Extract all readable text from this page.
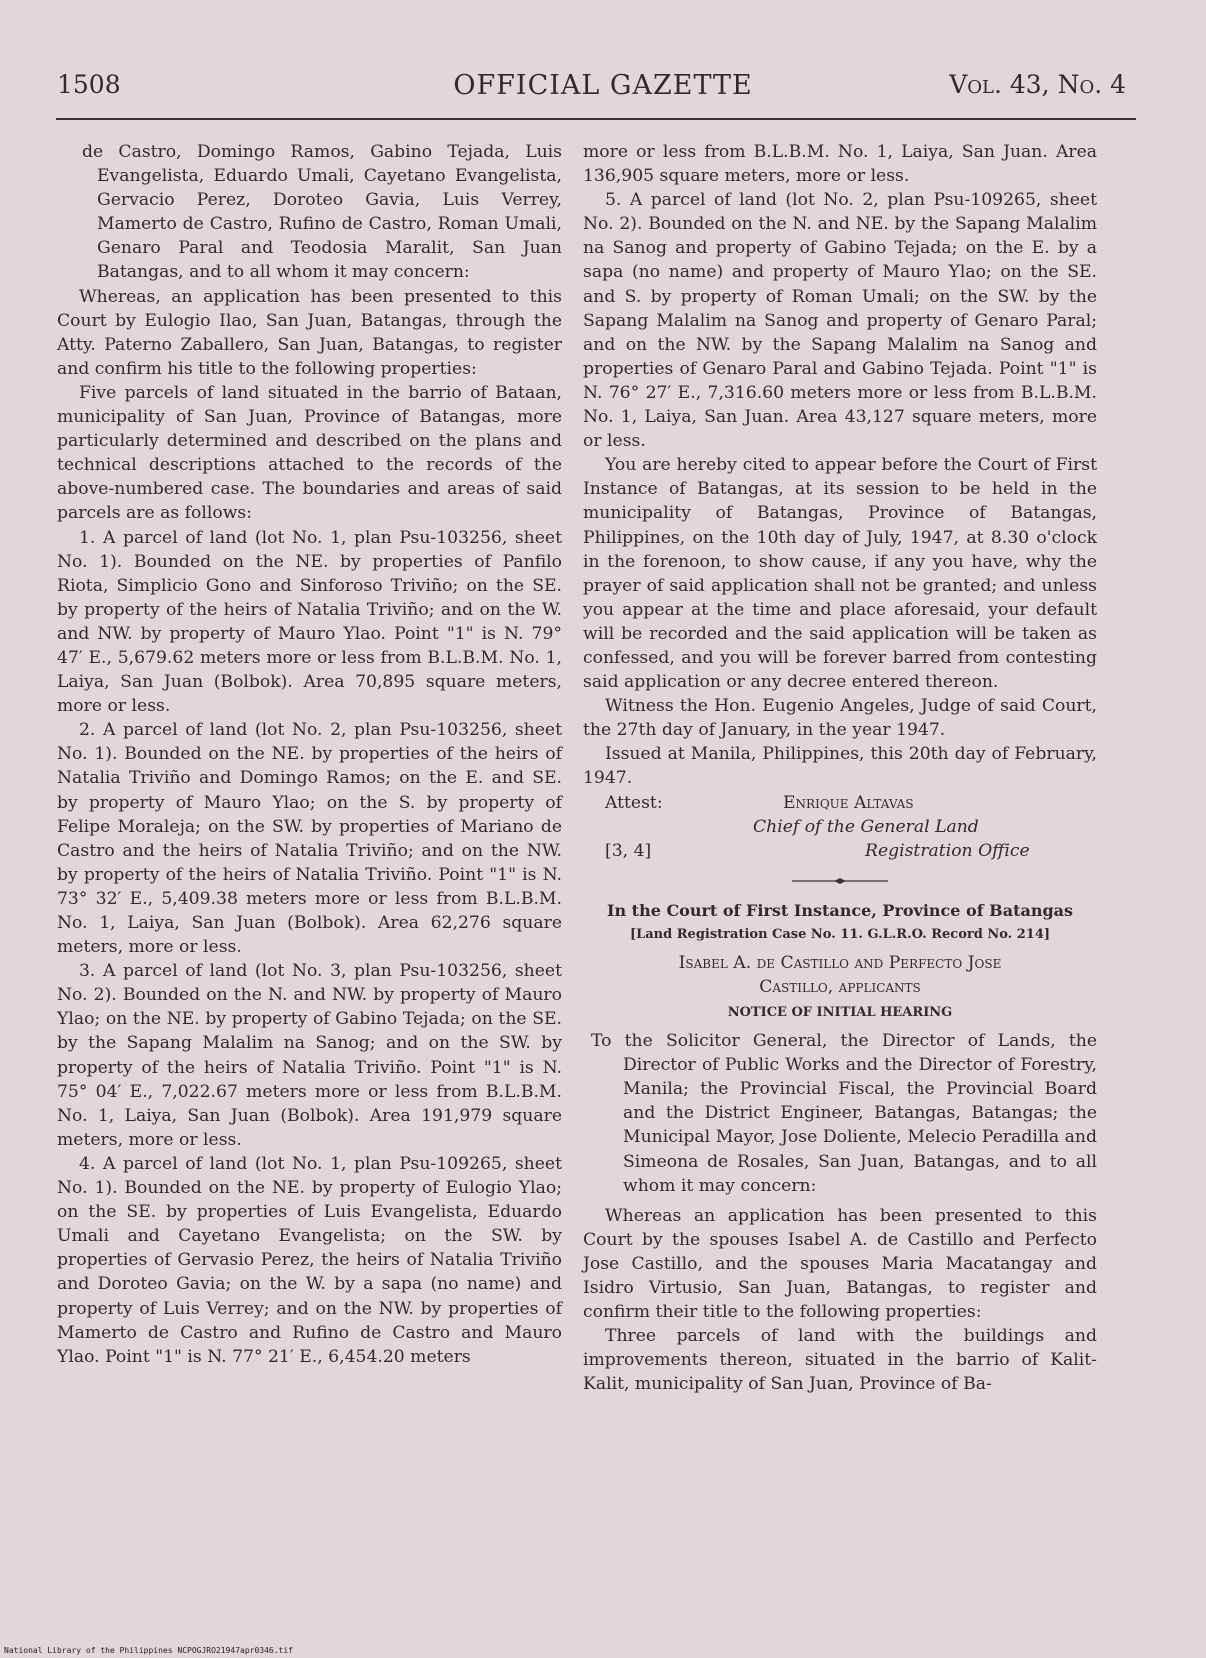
1508	OFFICIAL GAZETTE	Vol. 43, No. 4

de Castro, Domingo Ramos, Gabino Tejada, Luis Evangelista, Eduardo Umali, Cayetano Evangelista, Gervacio Perez, Doroteo Gavia, Luis Verrey, Mamerto de Castro, Rufino de Castro, Roman Umali, Genaro Paral and Teodosia Maralit, San Juan Batangas, and to all whom it may concern:

Whereas, an application has been presented to this Court by Eulogio Ilao, San Juan, Batangas, through the Atty. Paterno Zaballero, San Juan, Batangas, to register and confirm his title to the following properties:

Five parcels of land situated in the barrio of Bataan, municipality of San Juan, Province of Batangas, more particularly determined and described on the plans and technical descriptions attached to the records of the above-numbered case. The boundaries and areas of said parcels are as follows:

1. A parcel of land (lot No. 1, plan Psu-103256, sheet No. 1). Bounded on the NE. by properties of Panfilo Riota, Simplicio Gono and Sinforoso Triviño; on the SE. by property of the heirs of Natalia Triviño; and on the W. and NW. by property of Mauro Ylao. Point "1" is N. 79° 47′ E., 5,679.62 meters more or less from B.L.B.M. No. 1, Laiya, San Juan (Bolbok). Area 70,895 square meters, more or less.

2. A parcel of land (lot No. 2, plan Psu-103256, sheet No. 1). Bounded on the NE. by properties of the heirs of Natalia Triviño and Domingo Ramos; on the E. and SE. by property of Mauro Ylao; on the S. by property of Felipe Moraleja; on the SW. by properties of Mariano de Castro and the heirs of Natalia Triviño; and on the NW. by property of the heirs of Natalia Triviño. Point "1" is N. 73° 32′ E., 5,409.38 meters more or less from B.L.B.M. No. 1, Laiya, San Juan (Bolbok). Area 62,276 square meters, more or less.

3. A parcel of land (lot No. 3, plan Psu-103256, sheet No. 2). Bounded on the N. and NW. by property of Mauro Ylao; on the NE. by property of Gabino Tejada; on the SE. by the Sapang Malalim na Sanog; and on the SW. by property of the heirs of Natalia Triviño. Point "1" is N. 75° 04′ E., 7,022.67 meters more or less from B.L.B.M. No. 1, Laiya, San Juan (Bolbok). Area 191,979 square meters, more or less.

4. A parcel of land (lot No. 1, plan Psu-109265, sheet No. 1). Bounded on the NE. by property of Eulogio Ylao; on the SE. by properties of Luis Evangelista, Eduardo Umali and Cayetano Evangelista; on the SW. by properties of Gervasio Perez, the heirs of Natalia Triviño and Doroteo Gavia; on the W. by a sapa (no name) and property of Luis Verrey; and on the NW. by properties of Mamerto de Castro and Rufino de Castro and Mauro Ylao. Point "1" is N. 77° 21′ E., 6,454.20 meters

more or less from B.L.B.M. No. 1, Laiya, San Juan. Area 136,905 square meters, more or less.

5. A parcel of land (lot No. 2, plan Psu-109265, sheet No. 2). Bounded on the N. and NE. by the Sapang Malalim na Sanog and property of Gabino Tejada; on the E. by a sapa (no name) and property of Mauro Ylao; on the SE. and S. by property of Roman Umali; on the SW. by the Sapang Malalim na Sanog and property of Genaro Paral; and on the NW. by the Sapang Malalim na Sanog and properties of Genaro Paral and Gabino Tejada. Point "1" is N. 76° 27′ E., 7,316.60 meters more or less from B.L.B.M. No. 1, Laiya, San Juan. Area 43,127 square meters, more or less.

You are hereby cited to appear before the Court of First Instance of Batangas, at its session to be held in the municipality of Batangas, Province of Batangas, Philippines, on the 10th day of July, 1947, at 8.30 o'clock in the forenoon, to show cause, if any you have, why the prayer of said application shall not be granted; and unless you appear at the time and place aforesaid, your default will be recorded and the said application will be taken as confessed, and you will be forever barred from contesting said application or any decree entered thereon.

Witness the Hon. Eugenio Angeles, Judge of said Court, the 27th day of January, in the year 1947.

Issued at Manila, Philippines, this 20th day of February, 1947.

Attest:	Enrique Altavas
Chief of the General Land
[3, 4]	Registration Office

In the Court of First Instance, Province of Batangas

[Land Registration Case No. 11. G.L.R.O. Record No. 214]

Isabel A. de Castillo and Perfecto Jose

Castillo, applicants

NOTICE OF INITIAL HEARING

To the Solicitor General, the Director of Lands, the Director of Public Works and the Director of Forestry, Manila; the Provincial Fiscal, the Provincial Board and the District Engineer, Batangas, Batangas; the Municipal Mayor, Jose Doliente, Melecio Peradilla and Simeona de Rosales, San Juan, Batangas, and to all whom it may concern:

Whereas an application has been presented to this Court by the spouses Isabel A. de Castillo and Perfecto Jose Castillo, and the spouses Maria Macatangay and Isidro Virtusio, San Juan, Batangas, to register and confirm their title to the following properties:

Three parcels of land with the buildings and improvements thereon, situated in the barrio of Kalit-Kalit, municipality of San Juan, Province of Ba-

National Library of the Philippines NCPOGJRO21947apr0346.tif
